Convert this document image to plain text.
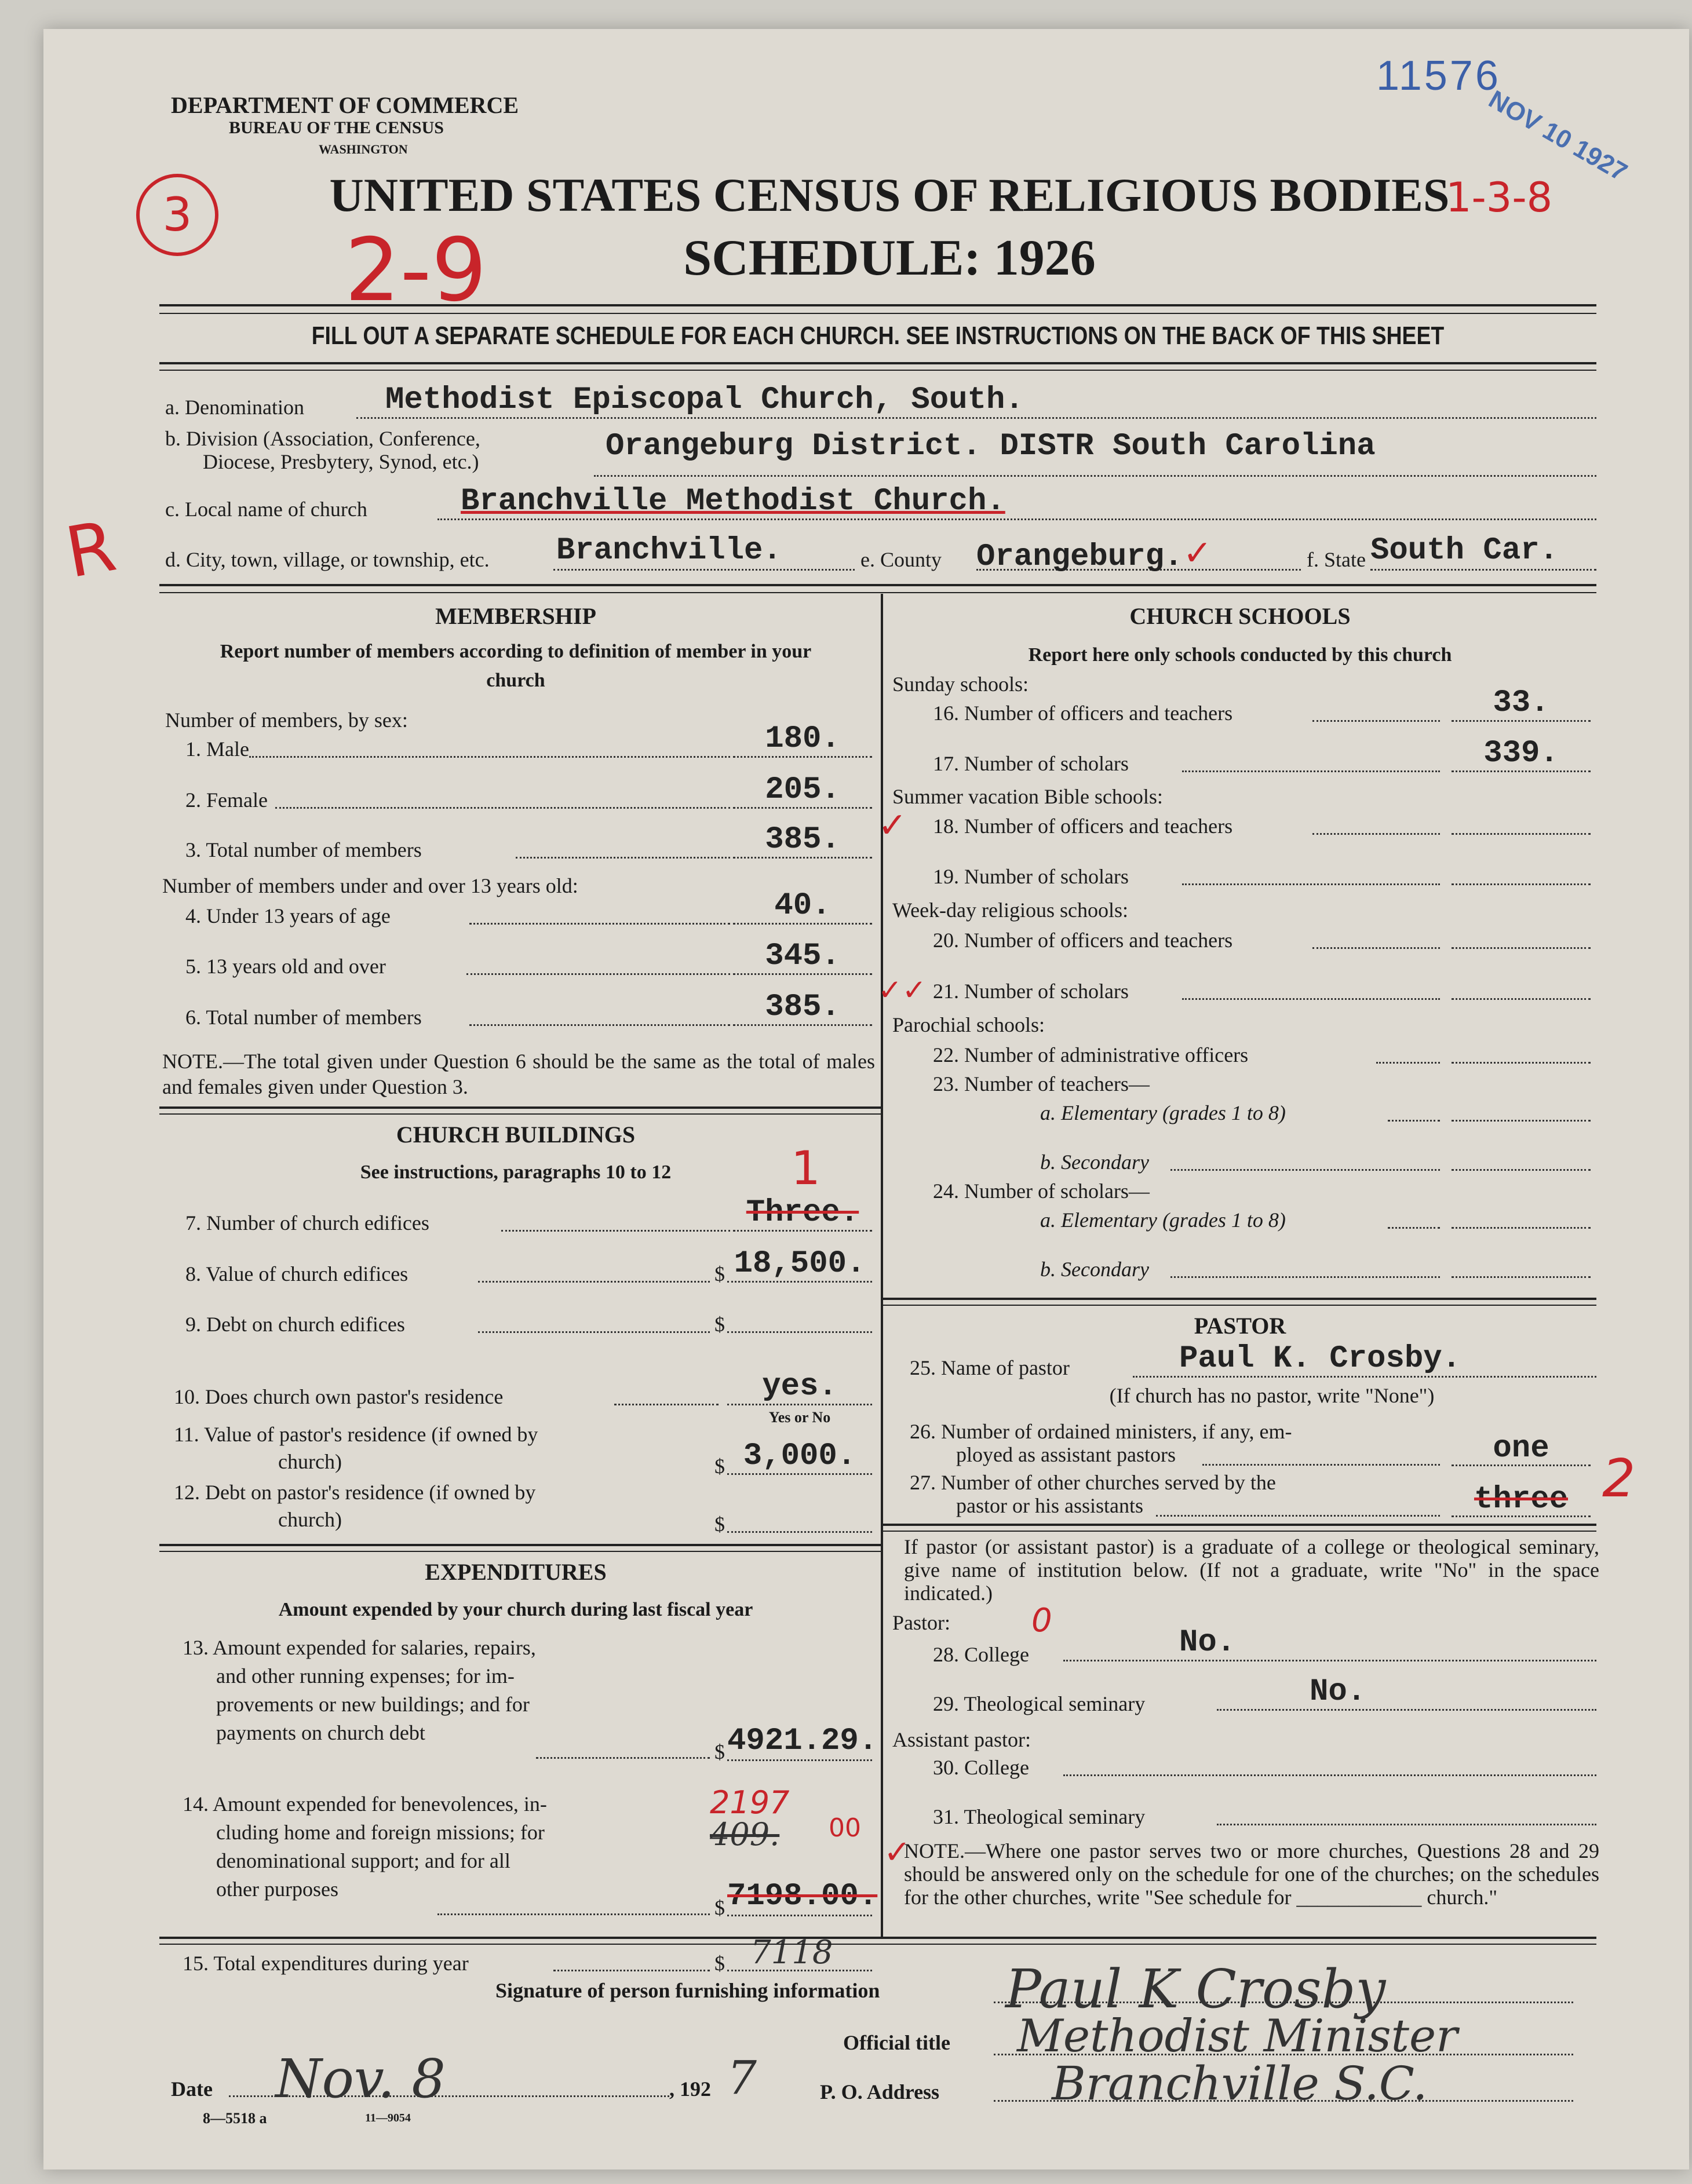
11576
DEPARTMENT OF COMMERCE
BUREAU OF THE CENSUS
WASHINGTON
UNITED STATES CENSUS OF RELIGIOUS BODIES
SCHEDULE: 1926
NOV 10 1927
3
2-9
R
1-3-8
FILL OUT A SEPARATE SCHEDULE FOR EACH CHURCH. SEE INSTRUCTIONS ON THE BACK OF THIS SHEET
a. Denomination	Methodist Episcopal Church, South.
b. Division (Association, Conference,
Diocese, Presbytery, Synod, etc.)	Orangeburg District. DISTR South Carolina
c. Local name of church	Branchville Methodist Church.
d. City, town, village, or township, etc. Branchville.	e. County Orangeburg.✓	f. State South Car.
MEMBERSHIP
Report number of members according to definition of member in your church
Number of members, by sex:
1. Male	180.
2. Female	205.
3. Total number of members	385.
Number of members under and over 13 years old:
4. Under 13 years of age	40.
5. 13 years old and over	345.
6. Total number of members	385.
NOTE.—The total given under Question 6 should be the same as the total of males and females given under Question 3.
CHURCH BUILDINGS
See instructions, paragraphs 10 to 12	1
7. Number of church edifices	Three.
8. Value of church edifices	$ 18,500.
9. Debt on church edifices	$
10. Does church own pastor's residence	yes.
Yes or No
11. Value of pastor's residence (if owned by
church)	$ 3,000.
12. Debt on pastor's residence (if owned by
church)	$
EXPENDITURES
Amount expended by your church during last fiscal year
13. Amount expended for salaries, repairs,
and other running expenses; for im-
provements or new buildings; and for
payments on church debt
$ 4921.29.
14. Amount expended for benevolences, in-
cluding home and foreign missions; for
denominational support; and for all
other purposes
2197
409. 00
$ 7198.00.
15. Total expenditures during year	$ 7118
CHURCH SCHOOLS
Report here only schools conducted by this church
Sunday schools:
16. Number of officers and teachers	33.
17. Number of scholars	339.
Summer vacation Bible schools:
✓ 18. Number of officers and teachers
19. Number of scholars
Week-day religious schools:
20. Number of officers and teachers
✓✓ 21. Number of scholars
Parochial schools:
22. Number of administrative officers
23. Number of teachers—
a. Elementary (grades 1 to 8)
b. Secondary
24. Number of scholars—
a. Elementary (grades 1 to 8)
b. Secondary
PASTOR
25. Name of pastor	Paul K. Crosby.
(If church has no pastor, write "None")
26. Number of ordained ministers, if any, em-
ployed as assistant pastors	one
27. Number of other churches served by the
pastor or his assistants	three 2
If pastor (or assistant pastor) is a graduate of a college or theological seminary, give name of institution below. (If not a graduate, write "No" in the space indicated.)
Pastor: 0
28. College	No.
29. Theological seminary	No.
Assistant pastor:
30. College
31. Theological seminary
✓
NOTE.—Where one pastor serves two or more churches, Questions 28 and 29 should be answered only on the schedule for one of the churches; on the schedules for the other churches, write "See schedule for ____________ church."
Signature of person furnishing information Paul K Crosby
Official title	Methodist Minister
Date	Nov. 8	, 192 7	P. O. Address	Branchville S.C.
8—5518 a	11—9054
